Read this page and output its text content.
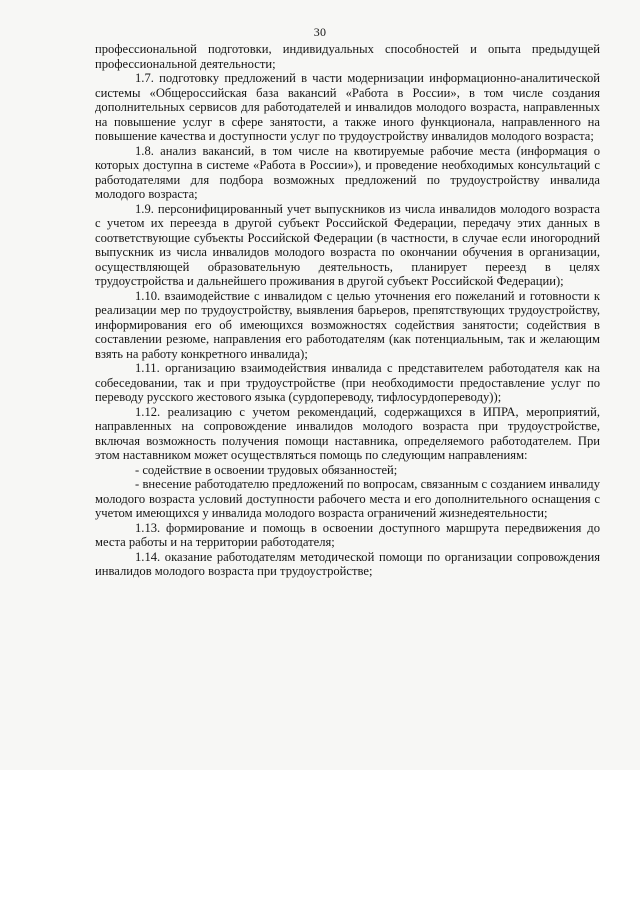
30

профессиональной подготовки, индивидуальных способностей и опыта предыдущей профессиональной деятельности;

1.7. подготовку предложений в части модернизации информационно-аналитической системы «Общероссийская база вакансий «Работа в России», в том числе создания дополнительных сервисов для работодателей и инвалидов молодого возраста, направленных на повышение услуг в сфере занятости, а также иного функционала, направленного на повышение качества и доступности услуг по трудоустройству инвалидов молодого возраста;

1.8. анализ вакансий, в том числе на квотируемые рабочие места (информация о которых доступна в системе «Работа в России»), и проведение необходимых консультаций с работодателями для подбора возможных предложений по трудоустройству инвалида молодого возраста;

1.9. персонифицированный учет выпускников из числа инвалидов молодого возраста с учетом их переезда в другой субъект Российской Федерации, передачу этих данных в соответствующие субъекты Российской Федерации (в частности, в случае если иногородний выпускник из числа инвалидов молодого возраста по окончании обучения в организации, осуществляющей образовательную деятельность, планирует переезд в целях трудоустройства и дальнейшего проживания в другой субъект Российской Федерации);

1.10. взаимодействие с инвалидом с целью уточнения его пожеланий и готовности к реализации мер по трудоустройству, выявления барьеров, препятствующих трудоустройству, информирования его об имеющихся возможностях содействия занятости; содействия в составлении резюме, направления его работодателям (как потенциальным, так и желающим взять на работу конкретного инвалида);

1.11. организацию взаимодействия инвалида с представителем работодателя как на собеседовании, так и при трудоустройстве (при необходимости предоставление услуг по переводу русского жестового языка (сурдопереводу, тифлосурдопереводу));

1.12. реализацию с учетом рекомендаций, содержащихся в ИПРА, мероприятий, направленных на сопровождение инвалидов молодого возраста при трудоустройстве, включая возможность получения помощи наставника, определяемого работодателем. При этом наставником может осуществляться помощь по следующим направлениям:

- содействие в освоении трудовых обязанностей;

- внесение работодателю предложений по вопросам, связанным с созданием инвалиду молодого возраста условий доступности рабочего места и его дополнительного оснащения с учетом имеющихся у инвалида молодого возраста ограничений жизнедеятельности;

1.13. формирование и помощь в освоении доступного маршрута передвижения до места работы и на территории работодателя;

1.14. оказание работодателям методической помощи по организации сопровождения инвалидов молодого возраста при трудоустройстве;
